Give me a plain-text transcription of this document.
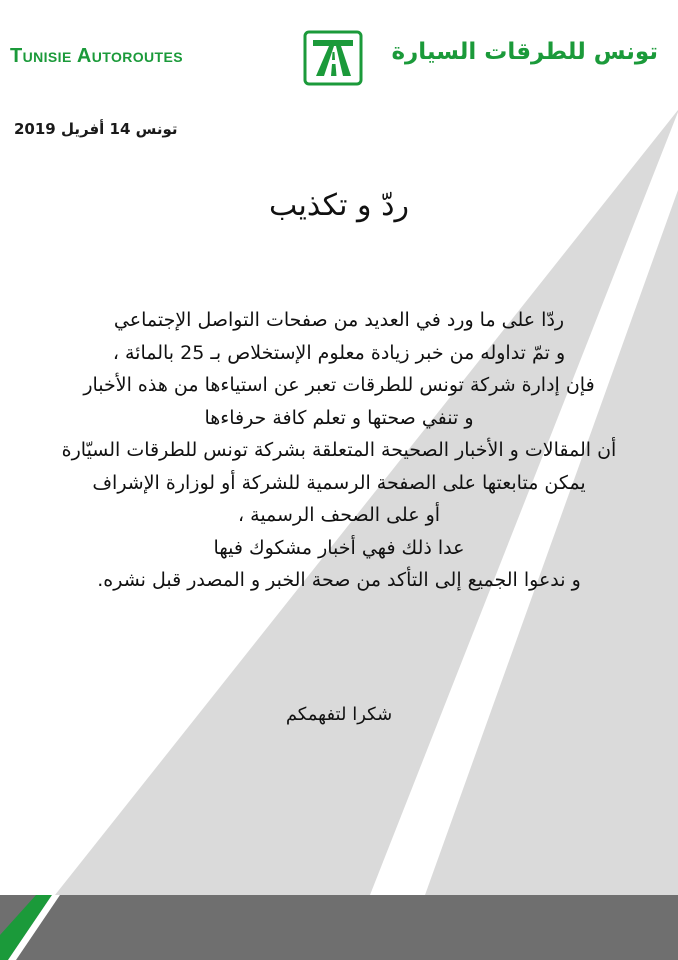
Tunisie Autoroutes	تونس للطرقات السيارة
تونس 14 أفريل 2019
ردّ و تكذيب
ردّا على ما ورد في العديد من صفحات التواصل الإجتماعي
و تمّ تداوله من خبر زيادة معلوم الإستخلاص بـ 25 بالمائة ،
فإن إدارة شركة تونس للطرقات تعبر عن استياءها من هذه الأخبار
و تنفي صحتها و تعلم كافة حرفاءها
أن المقالات و الأخبار الصحيحة المتعلقة بشركة تونس للطرقات السيّارة
يمكن متابعتها على الصفحة الرسمية للشركة أو لوزارة الإشراف
أو على الصحف الرسمية ،
عدا ذلك فهي أخبار مشكوك فيها
و ندعوا الجميع إلى التأكد من صحة الخبر و المصدر قبل نشره.
شكرا لتفهمكم
